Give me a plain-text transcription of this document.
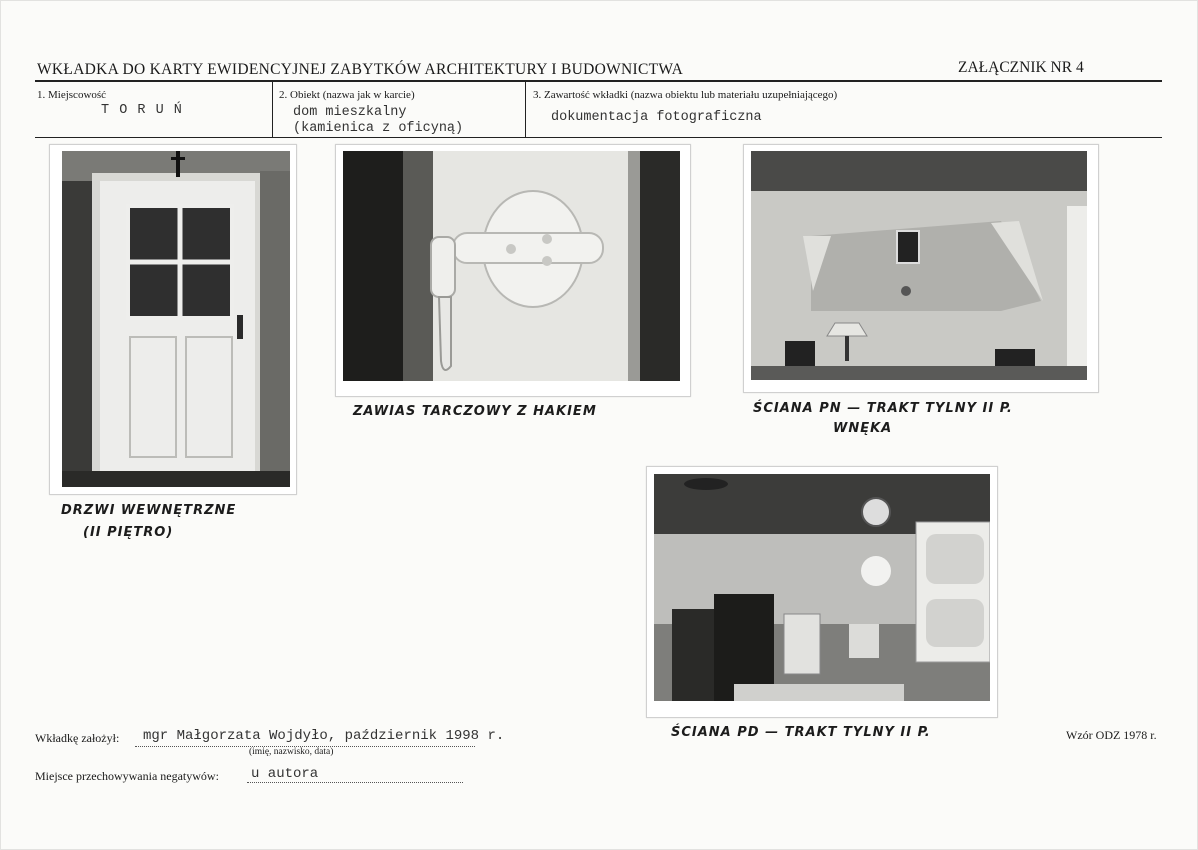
WKŁADKA DO KARTY EWIDENCYJNEJ ZABYTKÓW ARCHITEKTURY I BUDOWNICTWA	ZAŁĄCZNIK NR 4
1. Miejscowość
T O R U Ń
2. Obiekt (nazwa jak w karcie)
dom mieszkalny
(kamienica z oficyną)
3. Zawartość wkładki (nazwa obiektu lub materiału uzupełniającego)
dokumentacja fotograficzna
DRZWI WEWNĘTRZNE
(II PIĘTRO)
ZAWIAS TARCZOWY Z HAKIEM	ŚCIANA PN — TRAKT TYLNY II P.
WNĘKA
ŚCIANA PD — TRAKT TYLNY II P.
Wkładkę założył: mgr Małgorzata Wojdyło, październik 1998 r.
(imię, nazwisko, data)
Miejsce przechowywania negatywów: u autora
Wzór ODZ 1978 r.
